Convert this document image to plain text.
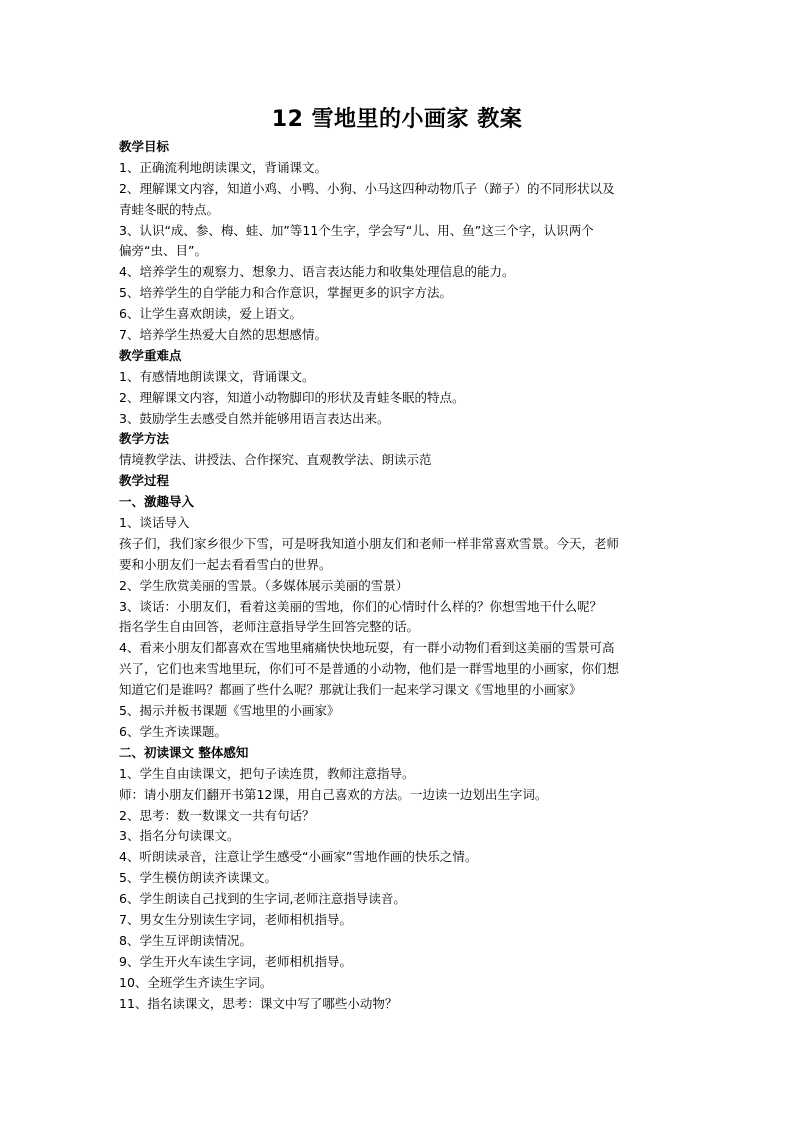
12 雪地里的小画家 教案
教学目标
1、正确流利地朗读课文，背诵课文。
2、理解课文内容，知道小鸡、小鸭、小狗、小马这四种动物爪子（蹄子）的不同形状以及
青蛙冬眠的特点。
3、认识“成、参、梅、蛙、加”等11个生字，学会写“儿、用、鱼”这三个字，认识两个
偏旁“虫、目”。
4、培养学生的观察力、想象力、语言表达能力和收集处理信息的能力。
5、培养学生的自学能力和合作意识，掌握更多的识字方法。
6、让学生喜欢朗读，爱上语文。
7、培养学生热爱大自然的思想感情。
教学重难点
1、有感情地朗读课文，背诵课文。
2、理解课文内容，知道小动物脚印的形状及青蛙冬眠的特点。
3、鼓励学生去感受自然并能够用语言表达出来。
教学方法
情境教学法、讲授法、合作探究、直观教学法、朗读示范
教学过程
一、激趣导入
1、谈话导入
孩子们，我们家乡很少下雪，可是呀我知道小朋友们和老师一样非常喜欢雪景。今天，老师
要和小朋友们一起去看看雪白的世界。
2、学生欣赏美丽的雪景。（多媒体展示美丽的雪景）
3、谈话：小朋友们，看着这美丽的雪地，你们的心情时什么样的？你想雪地干什么呢？
指名学生自由回答，老师注意指导学生回答完整的话。
4、看来小朋友们都喜欢在雪地里痛痛快快地玩耍，有一群小动物们看到这美丽的雪景可高
兴了，它们也来雪地里玩，你们可不是普通的小动物，他们是一群雪地里的小画家，你们想
知道它们是谁吗？都画了些什么呢？那就让我们一起来学习课文《雪地里的小画家》
5、揭示并板书课题《雪地里的小画家》
6、学生齐读课题。
二、初读课文 整体感知
1、学生自由读课文，把句子读连贯，教师注意指导。
师：请小朋友们翻开书第12课，用自己喜欢的方法。一边读一边划出生字词。
2、思考：数一数课文一共有句话？
3、指名分句读课文。
4、听朗读录音，注意让学生感受“小画家”雪地作画的快乐之情。
5、学生模仿朗读齐读课文。
6、学生朗读自己找到的生字词,老师注意指导读音。
7、男女生分别读生字词，老师相机指导。
8、学生互评朗读情况。
9、学生开火车读生字词，老师相机指导。
10、全班学生齐读生字词。
11、指名读课文，思考：课文中写了哪些小动物？
